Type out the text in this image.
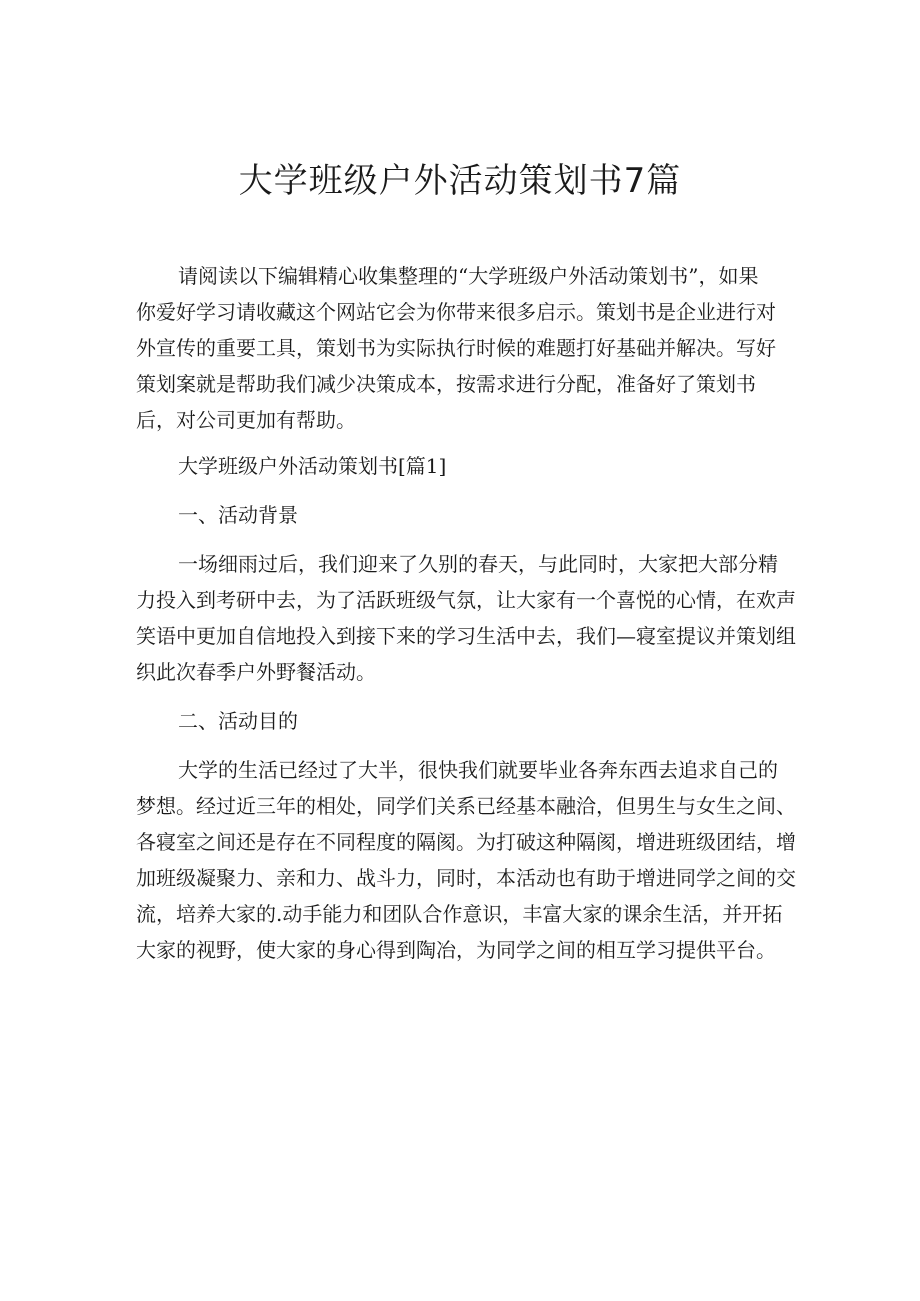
大学班级户外活动策划书7篇
请阅读以下编辑精心收集整理的“大学班级户外活动策划书”，如果
你爱好学习请收藏这个网站它会为你带来很多启示。策划书是企业进行对
外宣传的重要工具，策划书为实际执行时候的难题打好基础并解决。写好
策划案就是帮助我们减少决策成本，按需求进行分配，准备好了策划书
后，对公司更加有帮助。
大学班级户外活动策划书[篇1]
一、活动背景
一场细雨过后，我们迎来了久别的春天，与此同时，大家把大部分精
力投入到考研中去，为了活跃班级气氛，让大家有一个喜悦的心情，在欢声
笑语中更加自信地投入到接下来的学习生活中去，我们—寝室提议并策划组
织此次春季户外野餐活动。
二、活动目的
大学的生活已经过了大半，很快我们就要毕业各奔东西去追求自己的
梦想。经过近三年的相处，同学们关系已经基本融洽，但男生与女生之间、
各寝室之间还是存在不同程度的隔阂。为打破这种隔阂，增进班级团结，增
加班级凝聚力、亲和力、战斗力，同时，本活动也有助于增进同学之间的交
流，培养大家的.动手能力和团队合作意识，丰富大家的课余生活，并开拓
大家的视野，使大家的身心得到陶冶，为同学之间的相互学习提供平台。
